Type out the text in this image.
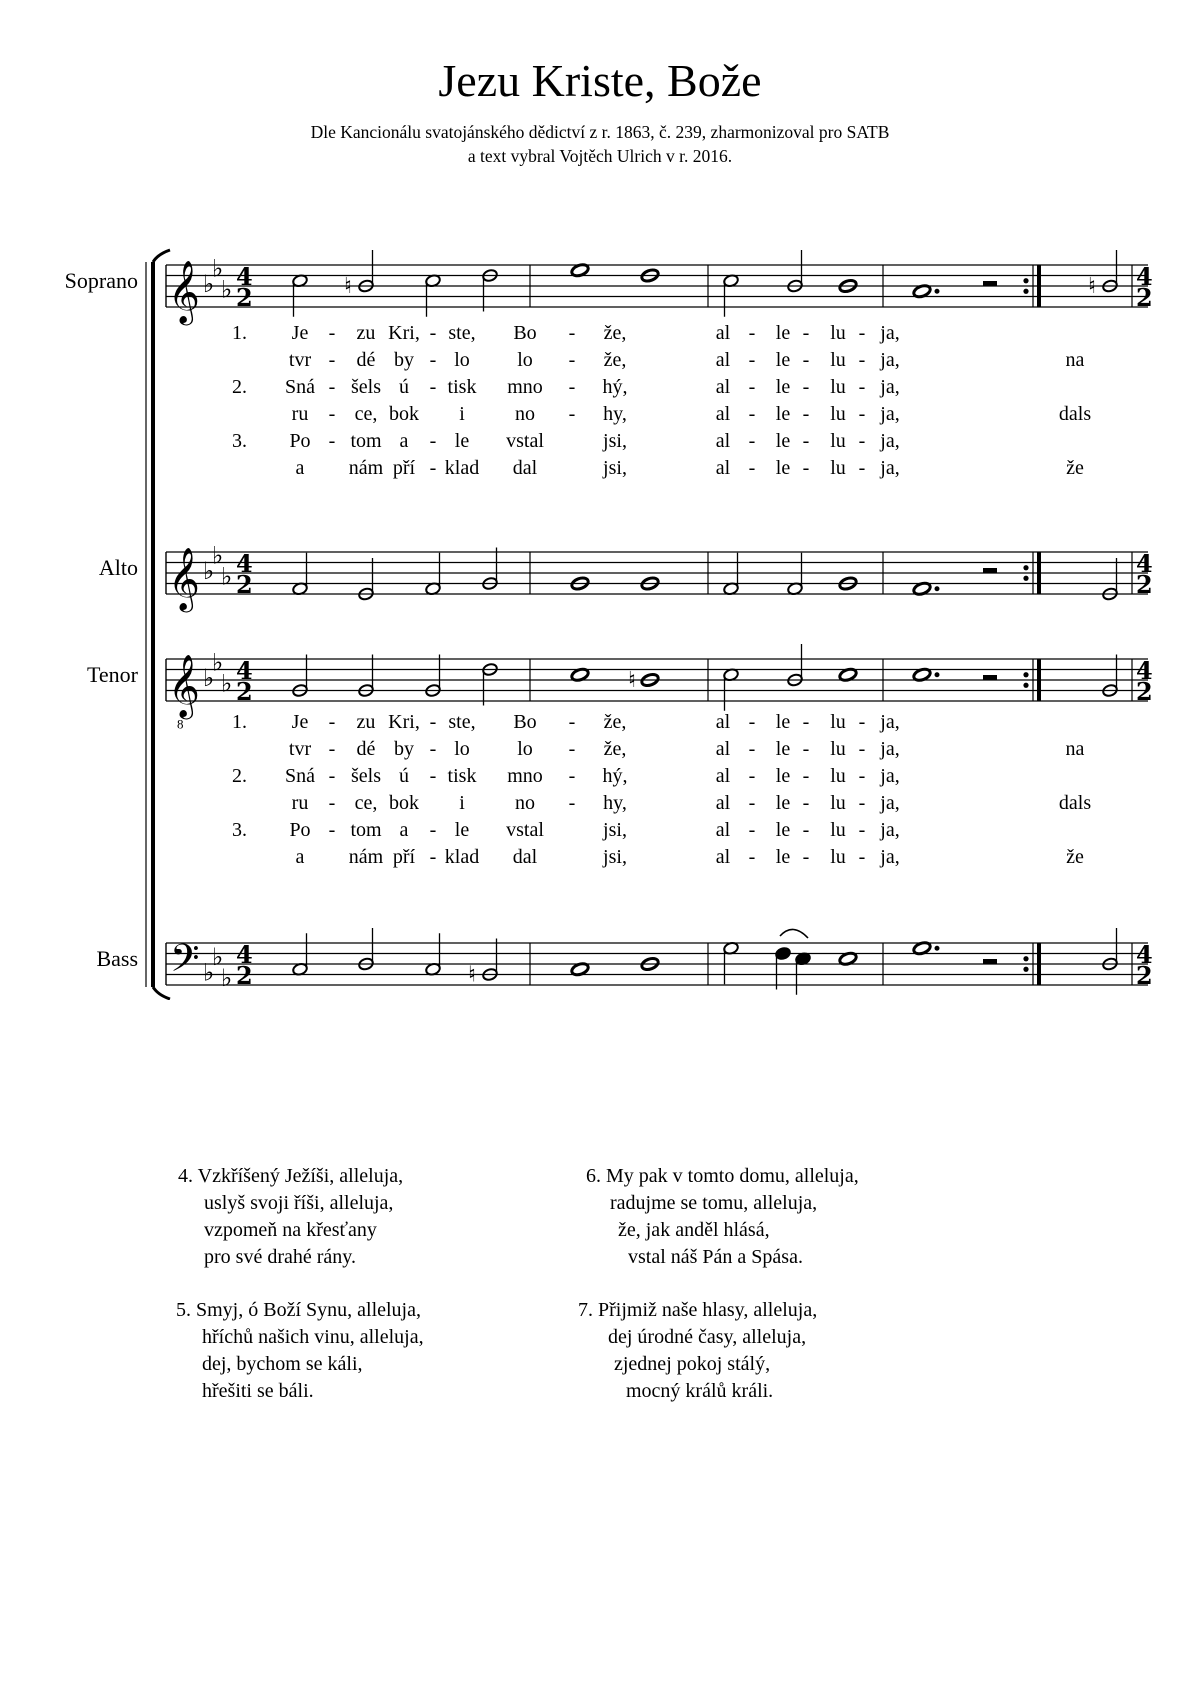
Jezu Kriste, Bože
Dle Kancionálu svatojánského dědictví z r. 1863, č. 239, zharmonizoval pro SATB
a text vybral Vojtěch Ulrich v r. 2016.
Soprano
Alto
Tenor
Bass
𝄞 ♭
♭
♭ 4
2
4
2
𝄞 ♭
♭
♭ 4
2
4
2
𝄞
8
♭
♭
♭ 4
2
4
2
𝄢 ♭
♭
♭
4
2
4
2
♮	♮
♮
♮
1. Je - zu Kri, - ste, Bo - že,	al - le - lu - ja,
tvr - dé by - lo lo - že,	al - le - lu - ja,	na
2. Sná - šels ú - tisk mno - hý,	al - le - lu - ja,
ru - ce, bok i	no - hy,	al - le - lu - ja,	dals
3. Po - tom a - le vstal	jsi,	al - le - lu - ja,
a nám pří - klad dal	jsi,	al - le - lu - ja,	že
1. Je - zu Kri, - ste, Bo - že,	al - le - lu - ja,
tvr - dé by - lo lo - že,	al - le - lu - ja,	na
2. Sná - šels ú - tisk mno - hý,	al - le - lu - ja,
ru - ce, bok i	no - hy,	al - le - lu - ja,	dals
3. Po - tom a - le vstal	jsi,	al - le - lu - ja,
a nám pří - klad dal	jsi,	al - le - lu - ja,	že
4. Vzkříšený Ježíši, alleluja,
uslyš svoji říši, alleluja,
vzpomeň na křesťany
pro své drahé rány.
6. My pak v tomto domu, alleluja,
radujme se tomu, alleluja,
že, jak anděl hlásá,
vstal náš Pán a Spása.
5. Smyj, ó Boží Synu, alleluja,
hříchů našich vinu, alleluja,
dej, bychom se káli,
hřešiti se báli.
7. Přijmiž naše hlasy, alleluja,
dej úrodné časy, alleluja,
zjednej pokoj stálý,
mocný králů králi.
